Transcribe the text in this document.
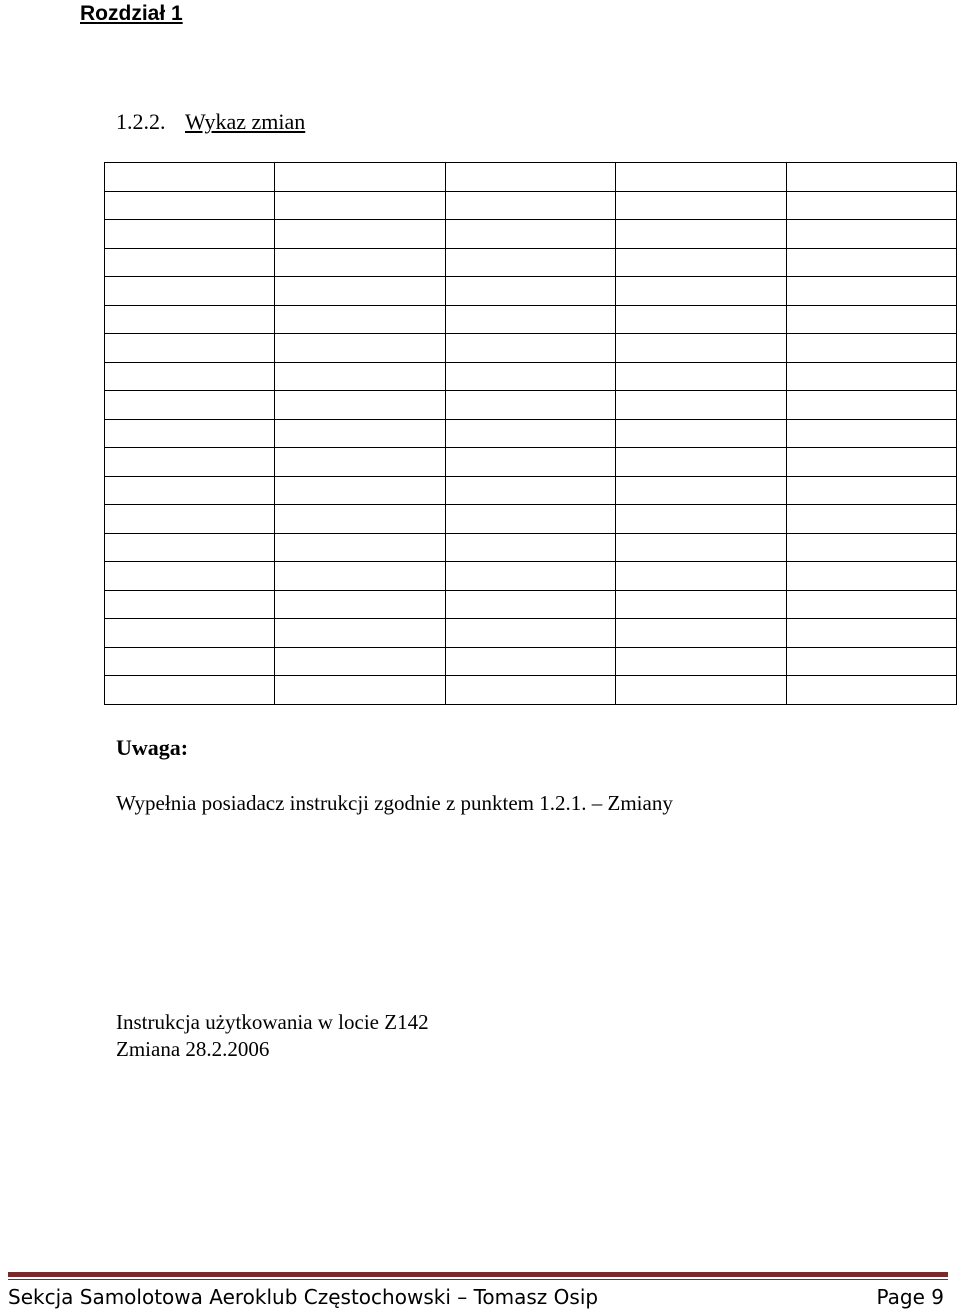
Rozdział 1
1.2.2. Wykaz zmian

Uwaga:
Wypełnia posiadacz instrukcji zgodnie z punktem 1.2.1. – Zmiany
Instrukcja użytkowania w locie Z142
Zmiana 28.2.2006
Sekcja Samolotowa Aeroklub Częstochowski – Tomasz Osip	Page 9
